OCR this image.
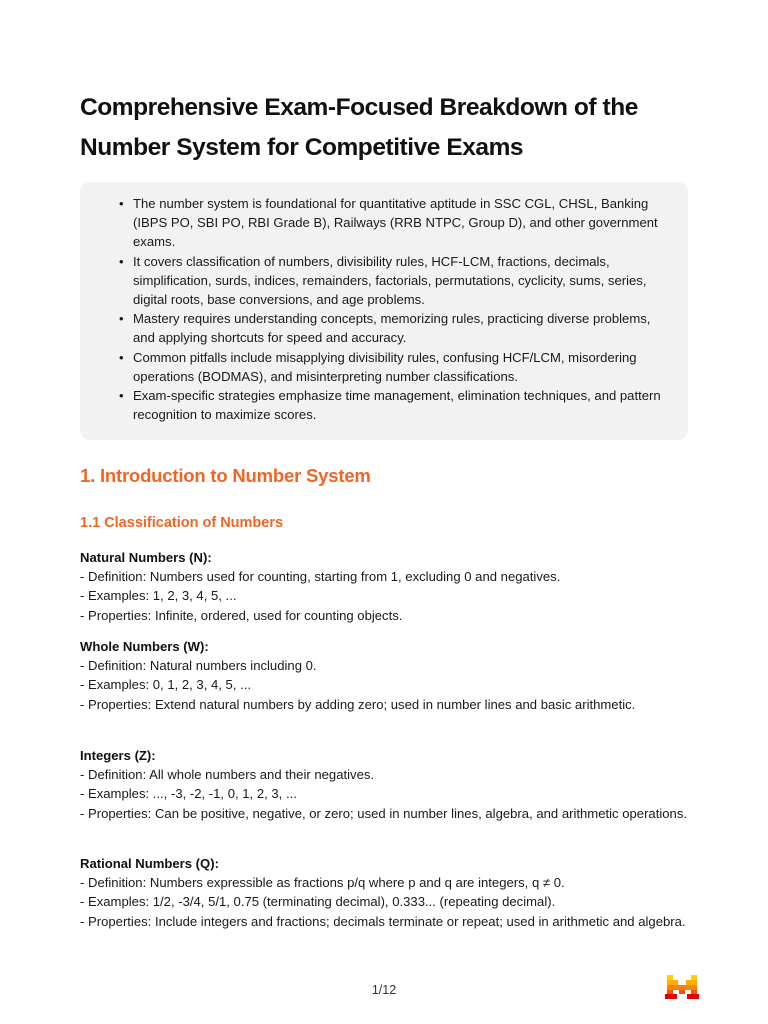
Comprehensive Exam-Focused Breakdown of the Number System for Competitive Exams
• The number system is foundational for quantitative aptitude in SSC CGL, CHSL, Banking (IBPS PO, SBI PO, RBI Grade B), Railways (RRB NTPC, Group D), and other government exams.
• It covers classification of numbers, divisibility rules, HCF-LCM, fractions, decimals, simplification, surds, indices, remainders, factorials, permutations, cyclicity, sums, series, digital roots, base conversions, and age problems.
• Mastery requires understanding concepts, memorizing rules, practicing diverse problems, and applying shortcuts for speed and accuracy.
• Common pitfalls include misapplying divisibility rules, confusing HCF/LCM, misordering operations (BODMAS), and misinterpreting number classifications.
• Exam-specific strategies emphasize time management, elimination techniques, and pattern recognition to maximize scores.
1. Introduction to Number System
1.1 Classification of Numbers
Natural Numbers (N):
- Definition: Numbers used for counting, starting from 1, excluding 0 and negatives.
- Examples: 1, 2, 3, 4, 5, ...
- Properties: Infinite, ordered, used for counting objects.
Whole Numbers (W):
- Definition: Natural numbers including 0.
- Examples: 0, 1, 2, 3, 4, 5, ...
- Properties: Extend natural numbers by adding zero; used in number lines and basic arithmetic.
Integers (Z):
- Definition: All whole numbers and their negatives.
- Examples: ..., -3, -2, -1, 0, 1, 2, 3, ...
- Properties: Can be positive, negative, or zero; used in number lines, algebra, and arithmetic operations.
Rational Numbers (Q):
- Definition: Numbers expressible as fractions p/q where p and q are integers, q ≠ 0.
- Examples: 1/2, -3/4, 5/1, 0.75 (terminating decimal), 0.333... (repeating decimal).
- Properties: Include integers and fractions; decimals terminate or repeat; used in arithmetic and algebra.
1/12
